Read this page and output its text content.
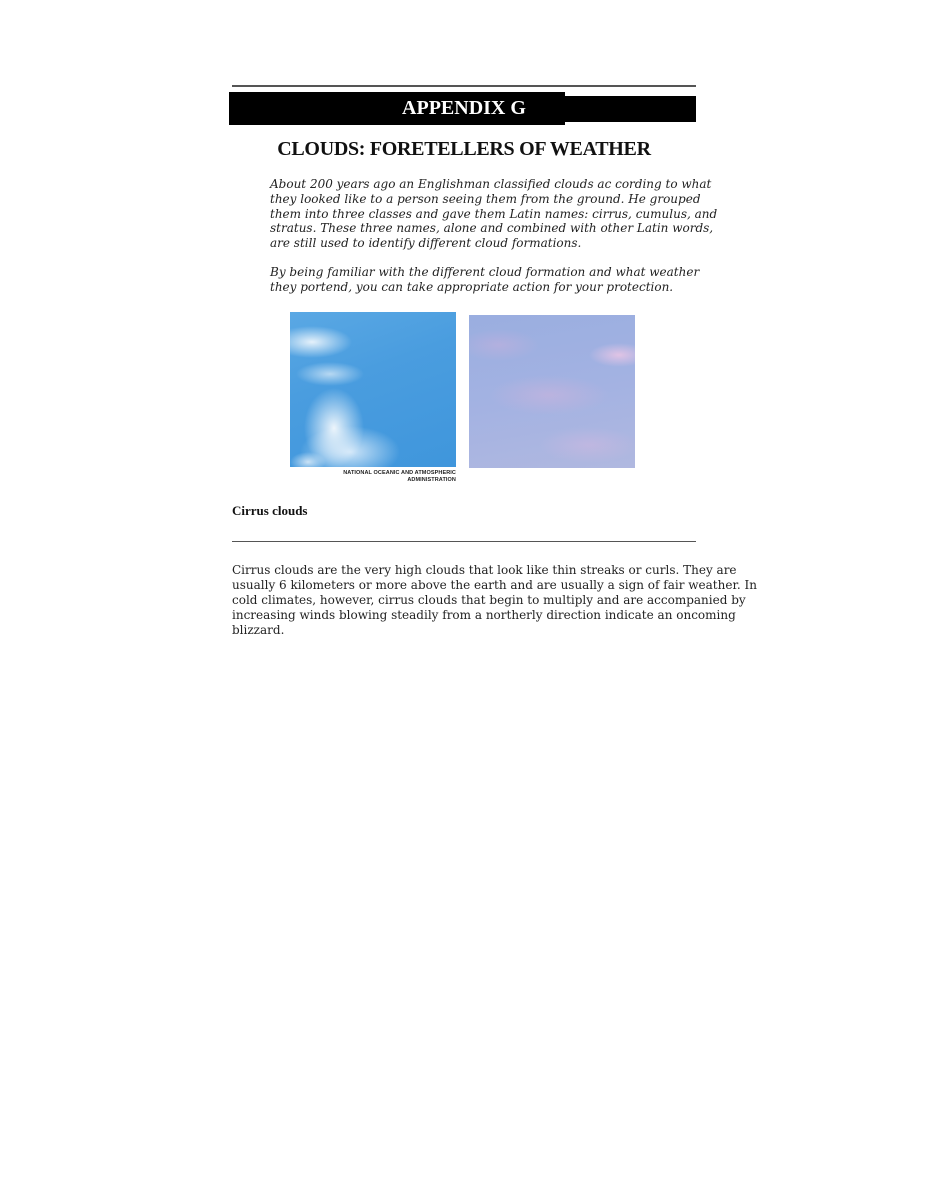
APPENDIX G
CLOUDS: FORETELLERS OF WEATHER

About 200 years ago an Englishman classified clouds ac cording to what
they looked like to a person seeing them from the ground. He grouped
them into three classes and gave them Latin names: cirrus, cumulus, and
stratus. These three names, alone and combined with other Latin words,
are still used to identify different cloud formations.

By being familiar with the different cloud formation and what weather
they portend, you can take appropriate action for your protection.

NATIONAL OCEANIC AND ATMOSPHERIC
ADMINISTRATION
Cirrus clouds

Cirrus clouds are the very high clouds that look like thin streaks or curls. They are
usually 6 kilometers or more above the earth and are usually a sign of fair weather. In
cold climates, however, cirrus clouds that begin to multiply and are accompanied by
increasing winds blowing steadily from a northerly direction indicate an oncoming
blizzard.
